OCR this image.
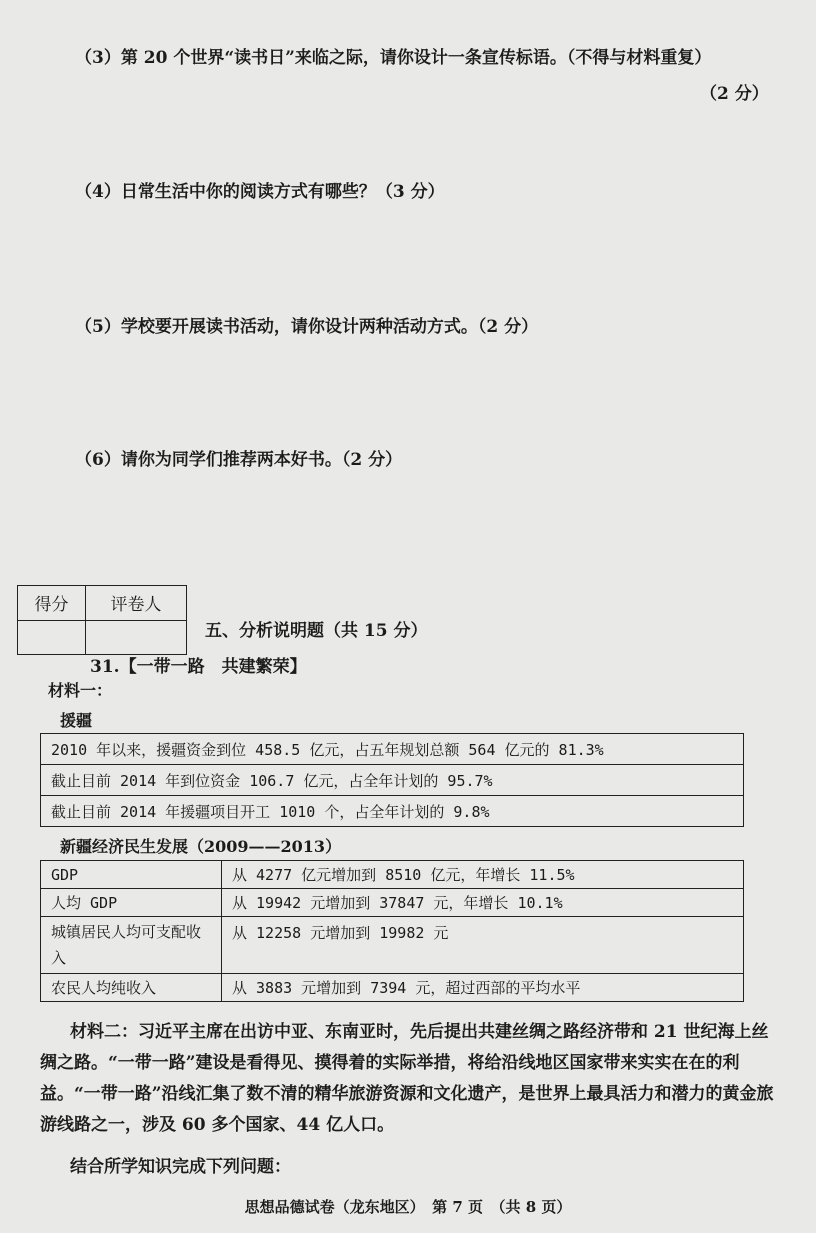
（3）第 20 个世界“读书日”来临之际，请你设计一条宣传标语。（不得与材料重复）
（2 分）
（4）日常生活中你的阅读方式有哪些？（3 分）
（5）学校要开展读书活动，请你设计两种活动方式。（2 分）
（6）请你为同学们推荐两本好书。（2 分）
得分	评卷人

五、分析说明题（共 15 分）
31.【一带一路　共建繁荣】
材料一：
援疆
2010 年以来，援疆资金到位 458.5 亿元，占五年规划总额 564 亿元的 81.3%
截止目前 2014 年到位资金 106.7 亿元，占全年计划的 95.7%
截止目前 2014 年援疆项目开工 1010 个，占全年计划的 9.8%
新疆经济民生发展（2009——2013）
GDP	从 4277 亿元增加到 8510 亿元，年增长 11.5%
人均 GDP	从 19942 元增加到 37847 元，年增长 10.1%
城镇居民人均可支配收入	从 12258 元增加到 19982 元
农民人均纯收入	从 3883 元增加到 7394 元，超过西部的平均水平
材料二：习近平主席在出访中亚、东南亚时，先后提出共建丝绸之路经济带和 21 世纪海上丝绸之路。“一带一路”建设是看得见、摸得着的实际举措，将给沿线地区国家带来实实在在的利益。“一带一路”沿线汇集了数不清的精华旅游资源和文化遗产，是世界上最具活力和潜力的黄金旅游线路之一，涉及 60 多个国家、44 亿人口。
结合所学知识完成下列问题：
思想品德试卷（龙东地区）　第 7 页　（共 8 页）
